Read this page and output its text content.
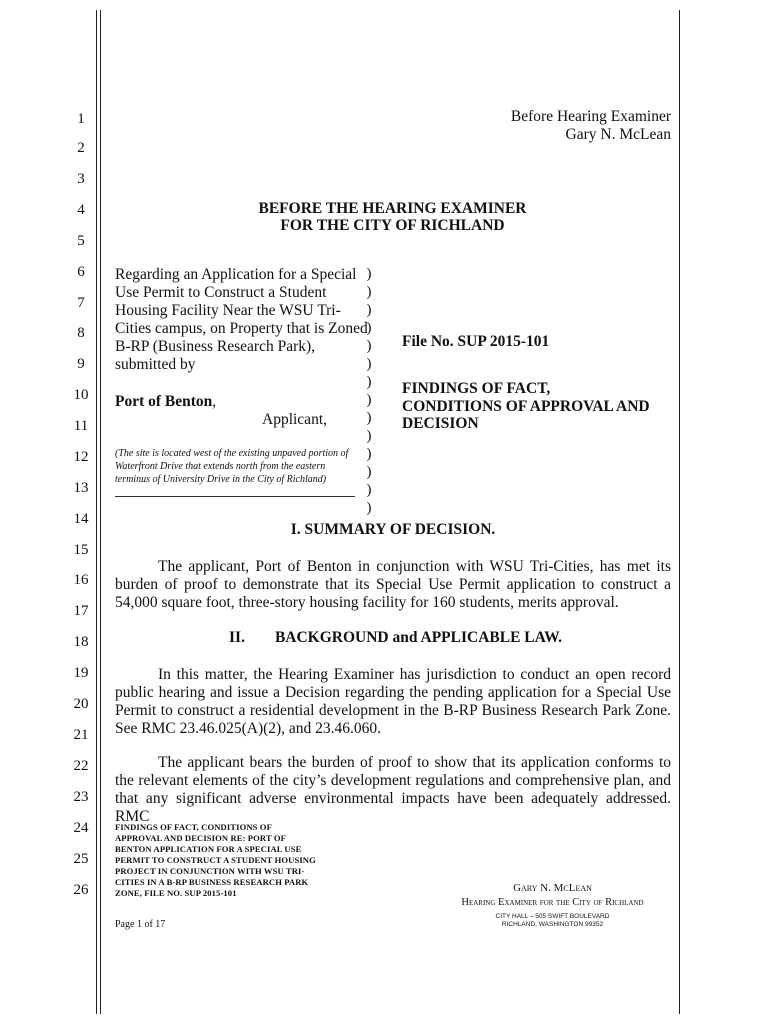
1
2
3
4
5
6
7
8
9
10
11
12
13
14
15
16
17
18
19
20
21
22
23
24
25
26
Before Hearing Examiner
Gary N. McLean
BEFORE THE HEARING EXAMINER
FOR THE CITY OF RICHLAND
Regarding an Application for a Special
Use Permit to Construct a Student
Housing Facility Near the WSU Tri-
Cities campus, on Property that is Zoned
B-RP (Business Research Park),
submitted by
Port of Benton,
Applicant,
(The site is located west of the existing unpaved portion of
Waterfront Drive that extends north from the eastern
terminus of University Drive in the City of Richland)
)
)
)
)
)
)
)
)
)
)
)
)
)
)
File No. SUP 2015-101
FINDINGS OF FACT,
CONDITIONS OF APPROVAL AND
DECISION
I. SUMMARY OF DECISION.
The applicant, Port of Benton in conjunction with WSU Tri-Cities, has met its burden of proof to demonstrate that its Special Use Permit application to construct a 54,000 square foot, three-story housing facility for 160 students, merits approval.
II. BACKGROUND and APPLICABLE LAW.
In this matter, the Hearing Examiner has jurisdiction to conduct an open record public hearing and issue a Decision regarding the pending application for a Special Use Permit to construct a residential development in the B-RP Business Research Park Zone. See RMC 23.46.025(A)(2), and 23.46.060.
The applicant bears the burden of proof to show that its application conforms to the relevant elements of the city’s development regulations and comprehensive plan, and that any significant adverse environmental impacts have been adequately addressed. RMC
FINDINGS OF FACT, CONDITIONS OF
APPROVAL AND DECISION RE: PORT OF
BENTON APPLICATION FOR A SPECIAL USE
PERMIT TO CONSTRUCT A STUDENT HOUSING
PROJECT IN CONJUNCTION WITH WSU TRI-
CITIES IN A B-RP BUSINESS RESEARCH PARK
ZONE, FILE NO. SUP 2015-101
Page 1 of 17
Gary N. McLean
Hearing Examiner for the City of Richland
CITY HALL – 505 SWIFT BOULEVARD
RICHLAND, WASHINGTON 99352
